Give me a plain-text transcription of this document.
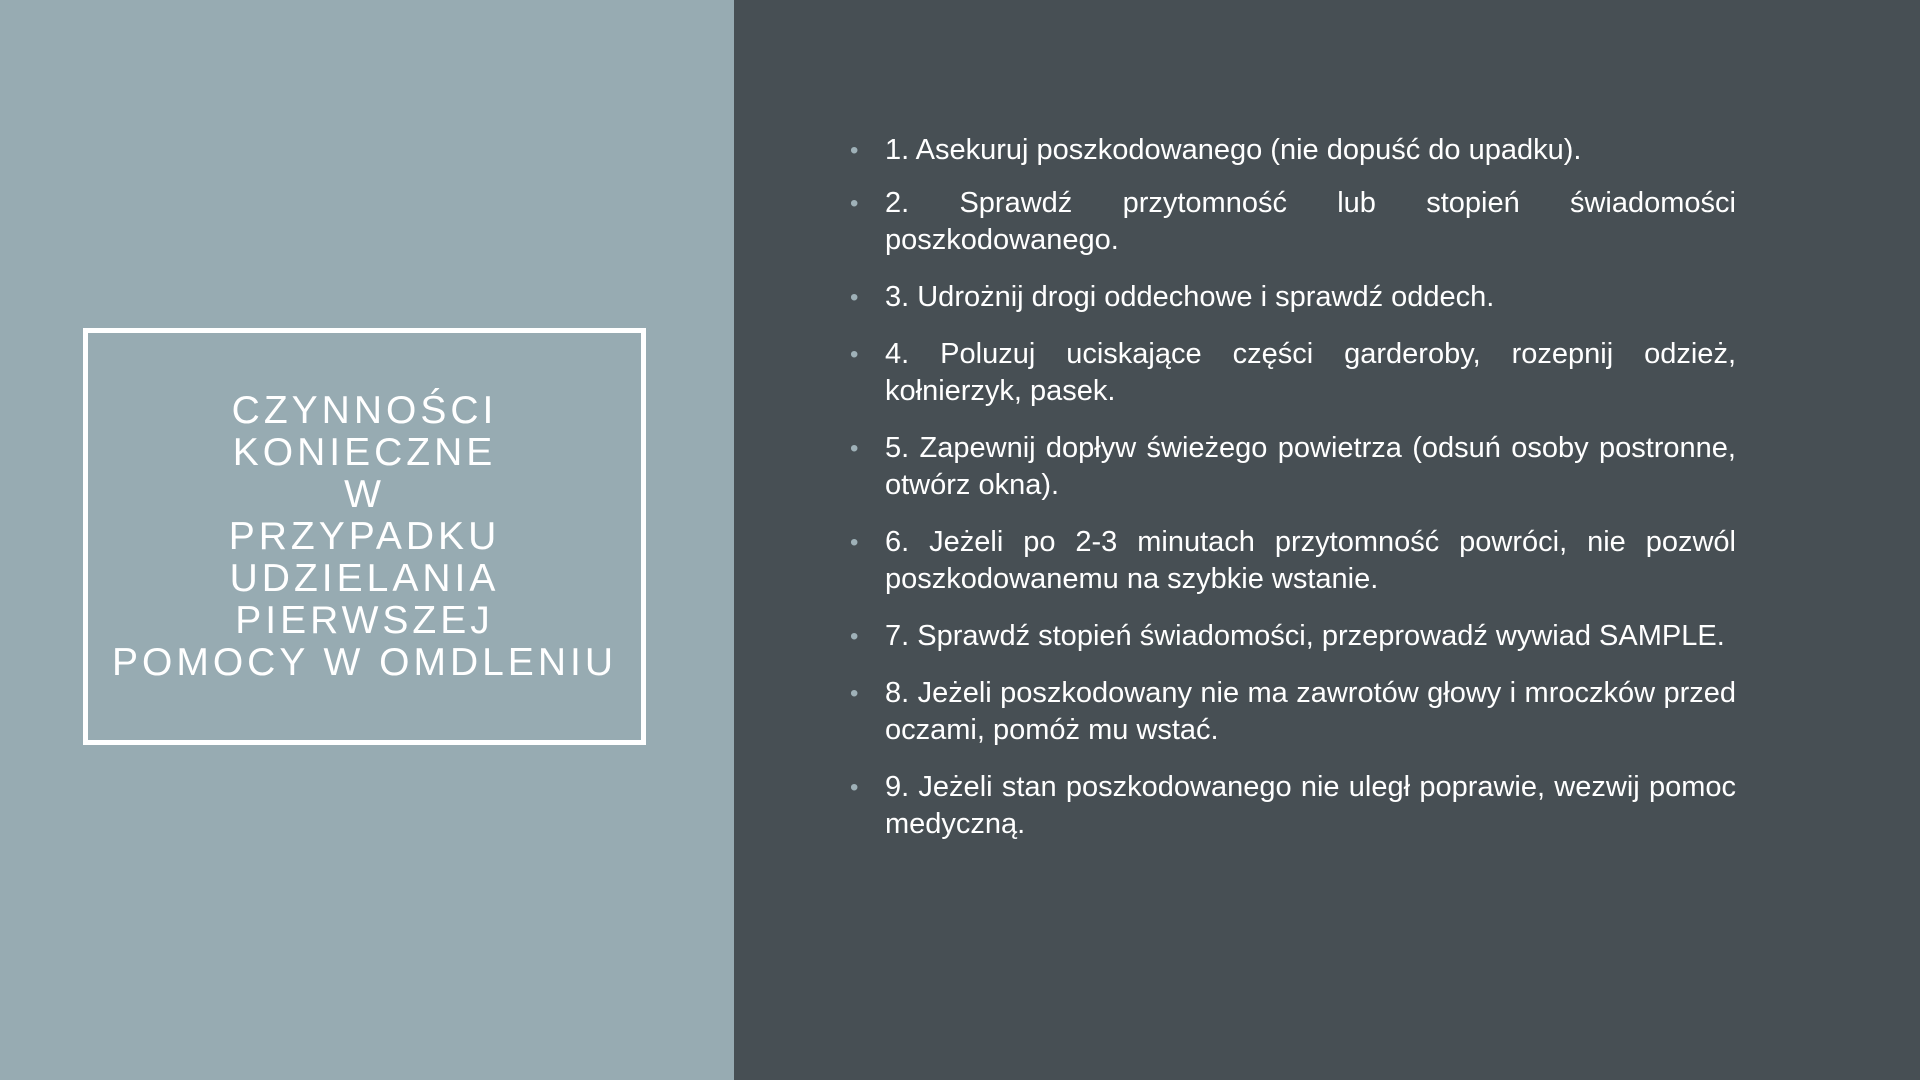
CZYNNOŚCI
KONIECZNE
W
PRZYPADKU
UDZIELANIA PIERWSZEJ
POMOCY W OMDLENIU
• 1. Asekuruj poszkodowanego (nie dopuść do upadku).
• 2. Sprawdź przytomność lub stopień świadomości poszkodowanego.
• 3. Udrożnij drogi oddechowe i sprawdź oddech.
• 4. Poluzuj uciskające części garderoby, rozepnij odzież, kołnierzyk, pasek.
• 5. Zapewnij dopływ świeżego powietrza (odsuń osoby postronne, otwórz okna).
• 6. Jeżeli po 2-3 minutach przytomność powróci, nie pozwól poszkodowanemu na szybkie wstanie.
• 7. Sprawdź stopień świadomości, przeprowadź wywiad SAMPLE.
• 8. Jeżeli poszkodowany nie ma zawrotów głowy i mroczków przed oczami, pomóż mu wstać.
• 9. Jeżeli stan poszkodowanego nie uległ poprawie, wezwij pomoc medyczną.
